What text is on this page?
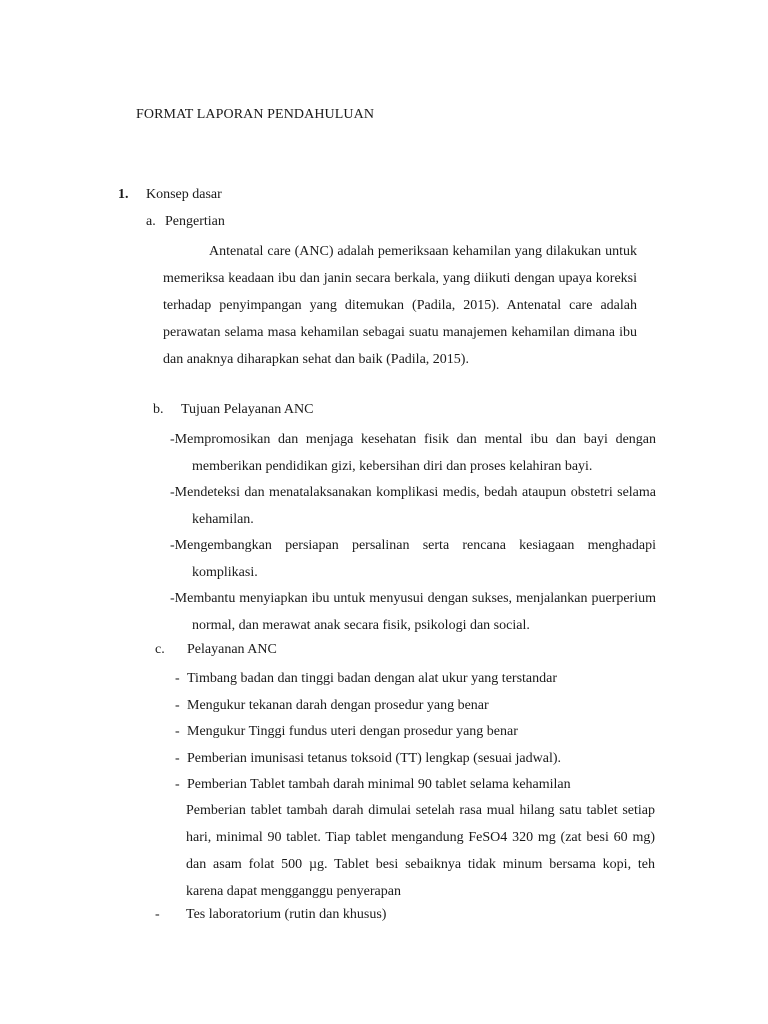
FORMAT LAPORAN PENDAHULUAN
1. Konsep dasar
a. Pengertian
Antenatal care (ANC) adalah pemeriksaan kehamilan yang dilakukan untuk memeriksa keadaan ibu dan janin secara berkala, yang diikuti dengan upaya koreksi terhadap penyimpangan yang ditemukan (Padila, 2015). Antenatal care adalah perawatan selama masa kehamilan sebagai suatu manajemen kehamilan dimana ibu dan anaknya diharapkan sehat dan baik (Padila, 2015).
b. Tujuan Pelayanan ANC
-Mempromosikan dan menjaga kesehatan fisik dan mental ibu dan bayi dengan memberikan pendidikan gizi, kebersihan diri dan proses kelahiran bayi.
-Mendeteksi dan menatalaksanakan komplikasi medis, bedah ataupun obstetri selama kehamilan.
-Mengembangkan persiapan persalinan serta rencana kesiagaan menghadapi komplikasi.
-Membantu menyiapkan ibu untuk menyusui dengan sukses, menjalankan puerperium normal, dan merawat anak secara fisik, psikologi dan social.
c. Pelayanan ANC
- Timbang badan dan tinggi badan dengan alat ukur yang terstandar
- Mengukur tekanan darah dengan prosedur yang benar
- Mengukur Tinggi fundus uteri dengan prosedur yang benar
- Pemberian imunisasi tetanus toksoid (TT) lengkap (sesuai jadwal).
- Pemberian Tablet tambah darah minimal 90 tablet selama kehamilan
Pemberian tablet tambah darah dimulai setelah rasa mual hilang satu tablet setiap hari, minimal 90 tablet. Tiap tablet mengandung FeSO4 320 mg (zat besi 60 mg) dan asam folat 500 µg. Tablet besi sebaiknya tidak minum bersama kopi, teh karena dapat mengganggu penyerapan
- Tes laboratorium (rutin dan khusus)
